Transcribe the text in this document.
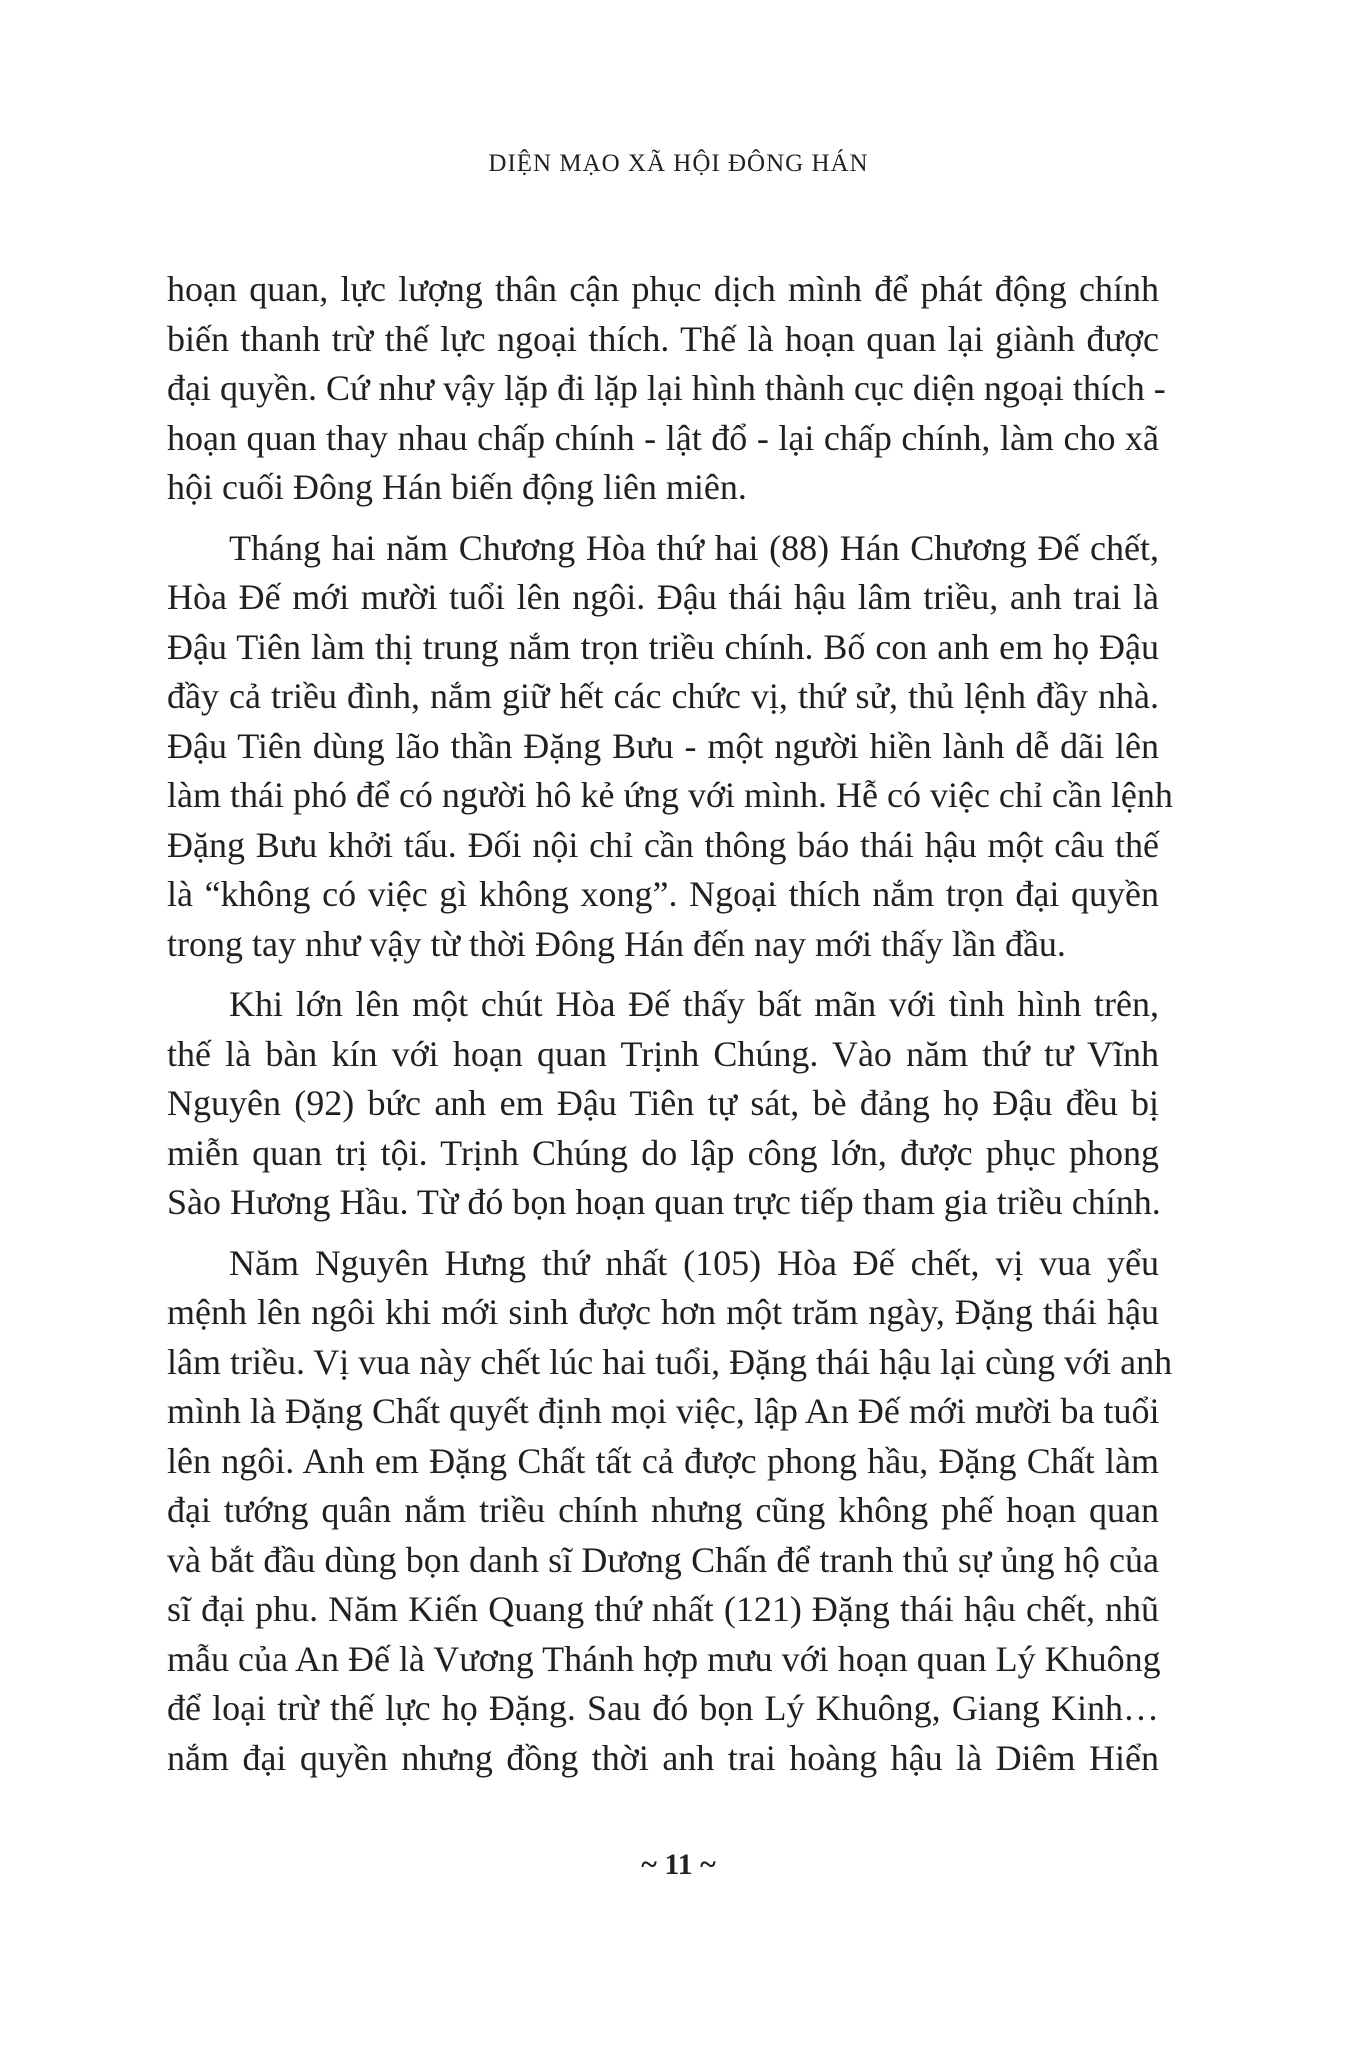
DIỆN MẠO XÃ HỘI ĐÔNG HÁN

hoạn quan, lực lượng thân cận phục dịch mình để phát động chính
biến thanh trừ thế lực ngoại thích. Thế là hoạn quan lại giành được
đại quyền. Cứ như vậy lặp đi lặp lại hình thành cục diện ngoại thích -
hoạn quan thay nhau chấp chính - lật đổ - lại chấp chính, làm cho xã
hội cuối Đông Hán biến động liên miên.

Tháng hai năm Chương Hòa thứ hai (88) Hán Chương Đế chết,
Hòa Đế mới mười tuổi lên ngôi. Đậu thái hậu lâm triều, anh trai là
Đậu Tiên làm thị trung nắm trọn triều chính. Bố con anh em họ Đậu
đầy cả triều đình, nắm giữ hết các chức vị, thứ sử, thủ lệnh đầy nhà.
Đậu Tiên dùng lão thần Đặng Bưu - một người hiền lành dễ dãi lên
làm thái phó để có người hô kẻ ứng với mình. Hễ có việc chỉ cần lệnh
Đặng Bưu khởi tấu. Đối nội chỉ cần thông báo thái hậu một câu thế
là “không có việc gì không xong”. Ngoại thích nắm trọn đại quyền
trong tay như vậy từ thời Đông Hán đến nay mới thấy lần đầu.

Khi lớn lên một chút Hòa Đế thấy bất mãn với tình hình trên,
thế là bàn kín với hoạn quan Trịnh Chúng. Vào năm thứ tư Vĩnh
Nguyên (92) bức anh em Đậu Tiên tự sát, bè đảng họ Đậu đều bị
miễn quan trị tội. Trịnh Chúng do lập công lớn, được phục phong
Sào Hương Hầu. Từ đó bọn hoạn quan trực tiếp tham gia triều chính.

Năm Nguyên Hưng thứ nhất (105) Hòa Đế chết, vị vua yểu
mệnh lên ngôi khi mới sinh được hơn một trăm ngày, Đặng thái hậu
lâm triều. Vị vua này chết lúc hai tuổi, Đặng thái hậu lại cùng với anh
mình là Đặng Chất quyết định mọi việc, lập An Đế mới mười ba tuổi
lên ngôi. Anh em Đặng Chất tất cả được phong hầu, Đặng Chất làm
đại tướng quân nắm triều chính nhưng cũng không phế hoạn quan
và bắt đầu dùng bọn danh sĩ Dương Chấn để tranh thủ sự ủng hộ của
sĩ đại phu. Năm Kiến Quang thứ nhất (121) Đặng thái hậu chết, nhũ
mẫu của An Đế là Vương Thánh hợp mưu với hoạn quan Lý Khuông
để loại trừ thế lực họ Đặng. Sau đó bọn Lý Khuông, Giang Kinh…
nắm đại quyền nhưng đồng thời anh trai hoàng hậu là Diêm Hiển

~ 11 ~
